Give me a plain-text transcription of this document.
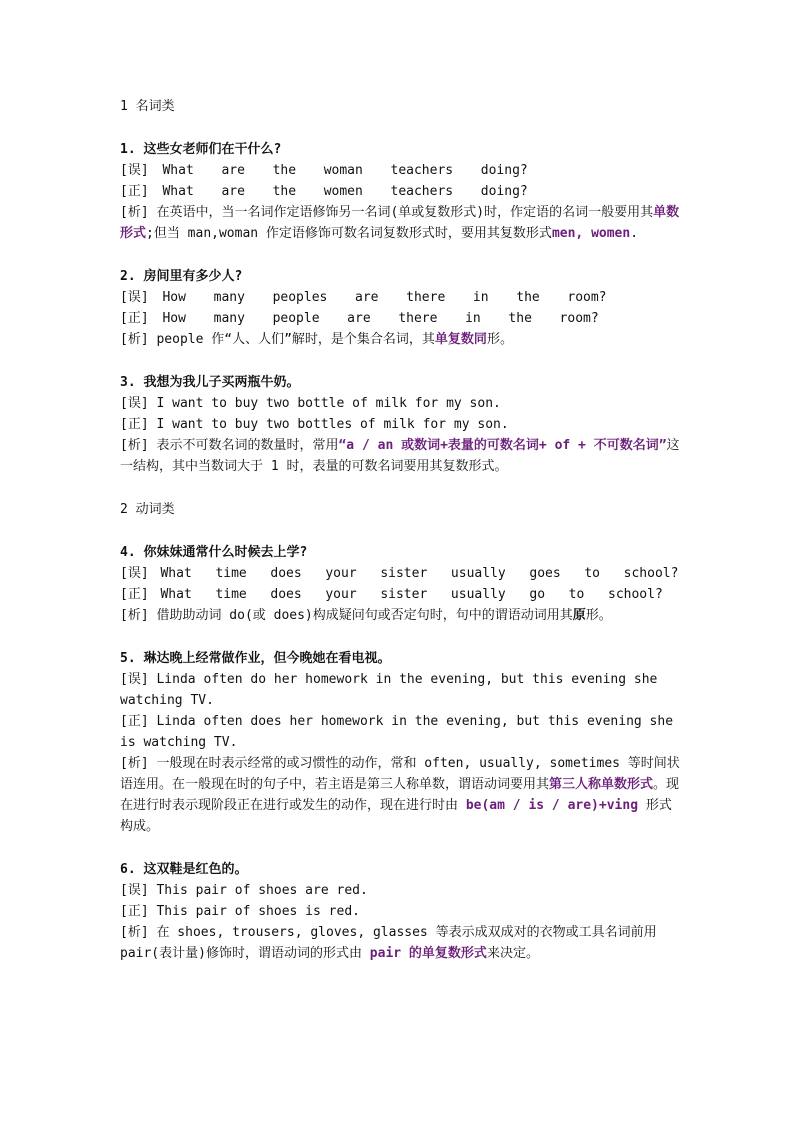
1 名词类

1. 这些女老师们在干什么?

[误] What  are  the  woman  teachers  doing?

[正] What  are  the  women  teachers  doing?

[析] 在英语中，当一名词作定语修饰另一名词(单或复数形式)时，作定语的名词一般要用其单数形式;但当 man,woman 作定语修饰可数名词复数形式时，要用其复数形式men, women.

2. 房间里有多少人?

[误] How  many  peoples  are  there  in  the  room?

[正] How  many  people  are  there  in  the  room?

[析] people 作“人、人们”解时，是个集合名词，其单复数同形。

3. 我想为我儿子买两瓶牛奶。

[误] I want to buy two bottle of milk for my son.

[正] I want to buy two bottles of milk for my son.

[析] 表示不可数名词的数量时，常用“a / an 或数词+表量的可数名词+ of + 不可数名词”这一结构，其中当数词大于 1 时，表量的可数名词要用其复数形式。

2 动词类

4. 你妹妹通常什么时候去上学?

[误] What  time  does  your  sister  usually  goes  to  school?

[正] What  time  does  your  sister  usually  go  to  school?

[析] 借助助动词 do(或 does)构成疑问句或否定句时，句中的谓语动词用其原形。

5. 琳达晚上经常做作业，但今晚她在看电视。

[误] Linda often do her homework in the evening, but this evening she watching TV.

[正] Linda often does her homework in the evening, but this evening she is watching TV.

[析] 一般现在时表示经常的或习惯性的动作，常和 often, usually, sometimes 等时间状语连用。在一般现在时的句子中，若主语是第三人称单数，谓语动词要用其第三人称单数形式。现在进行时表示现阶段正在进行或发生的动作，现在进行时由 be(am / is / are)+ving 形式构成。

6. 这双鞋是红色的。

[误] This pair of shoes are red.

[正] This pair of shoes is red.

[析] 在 shoes, trousers, gloves, glasses 等表示成双成对的衣物或工具名词前用 pair(表计量)修饰时，谓语动词的形式由 pair 的单复数形式来决定。
